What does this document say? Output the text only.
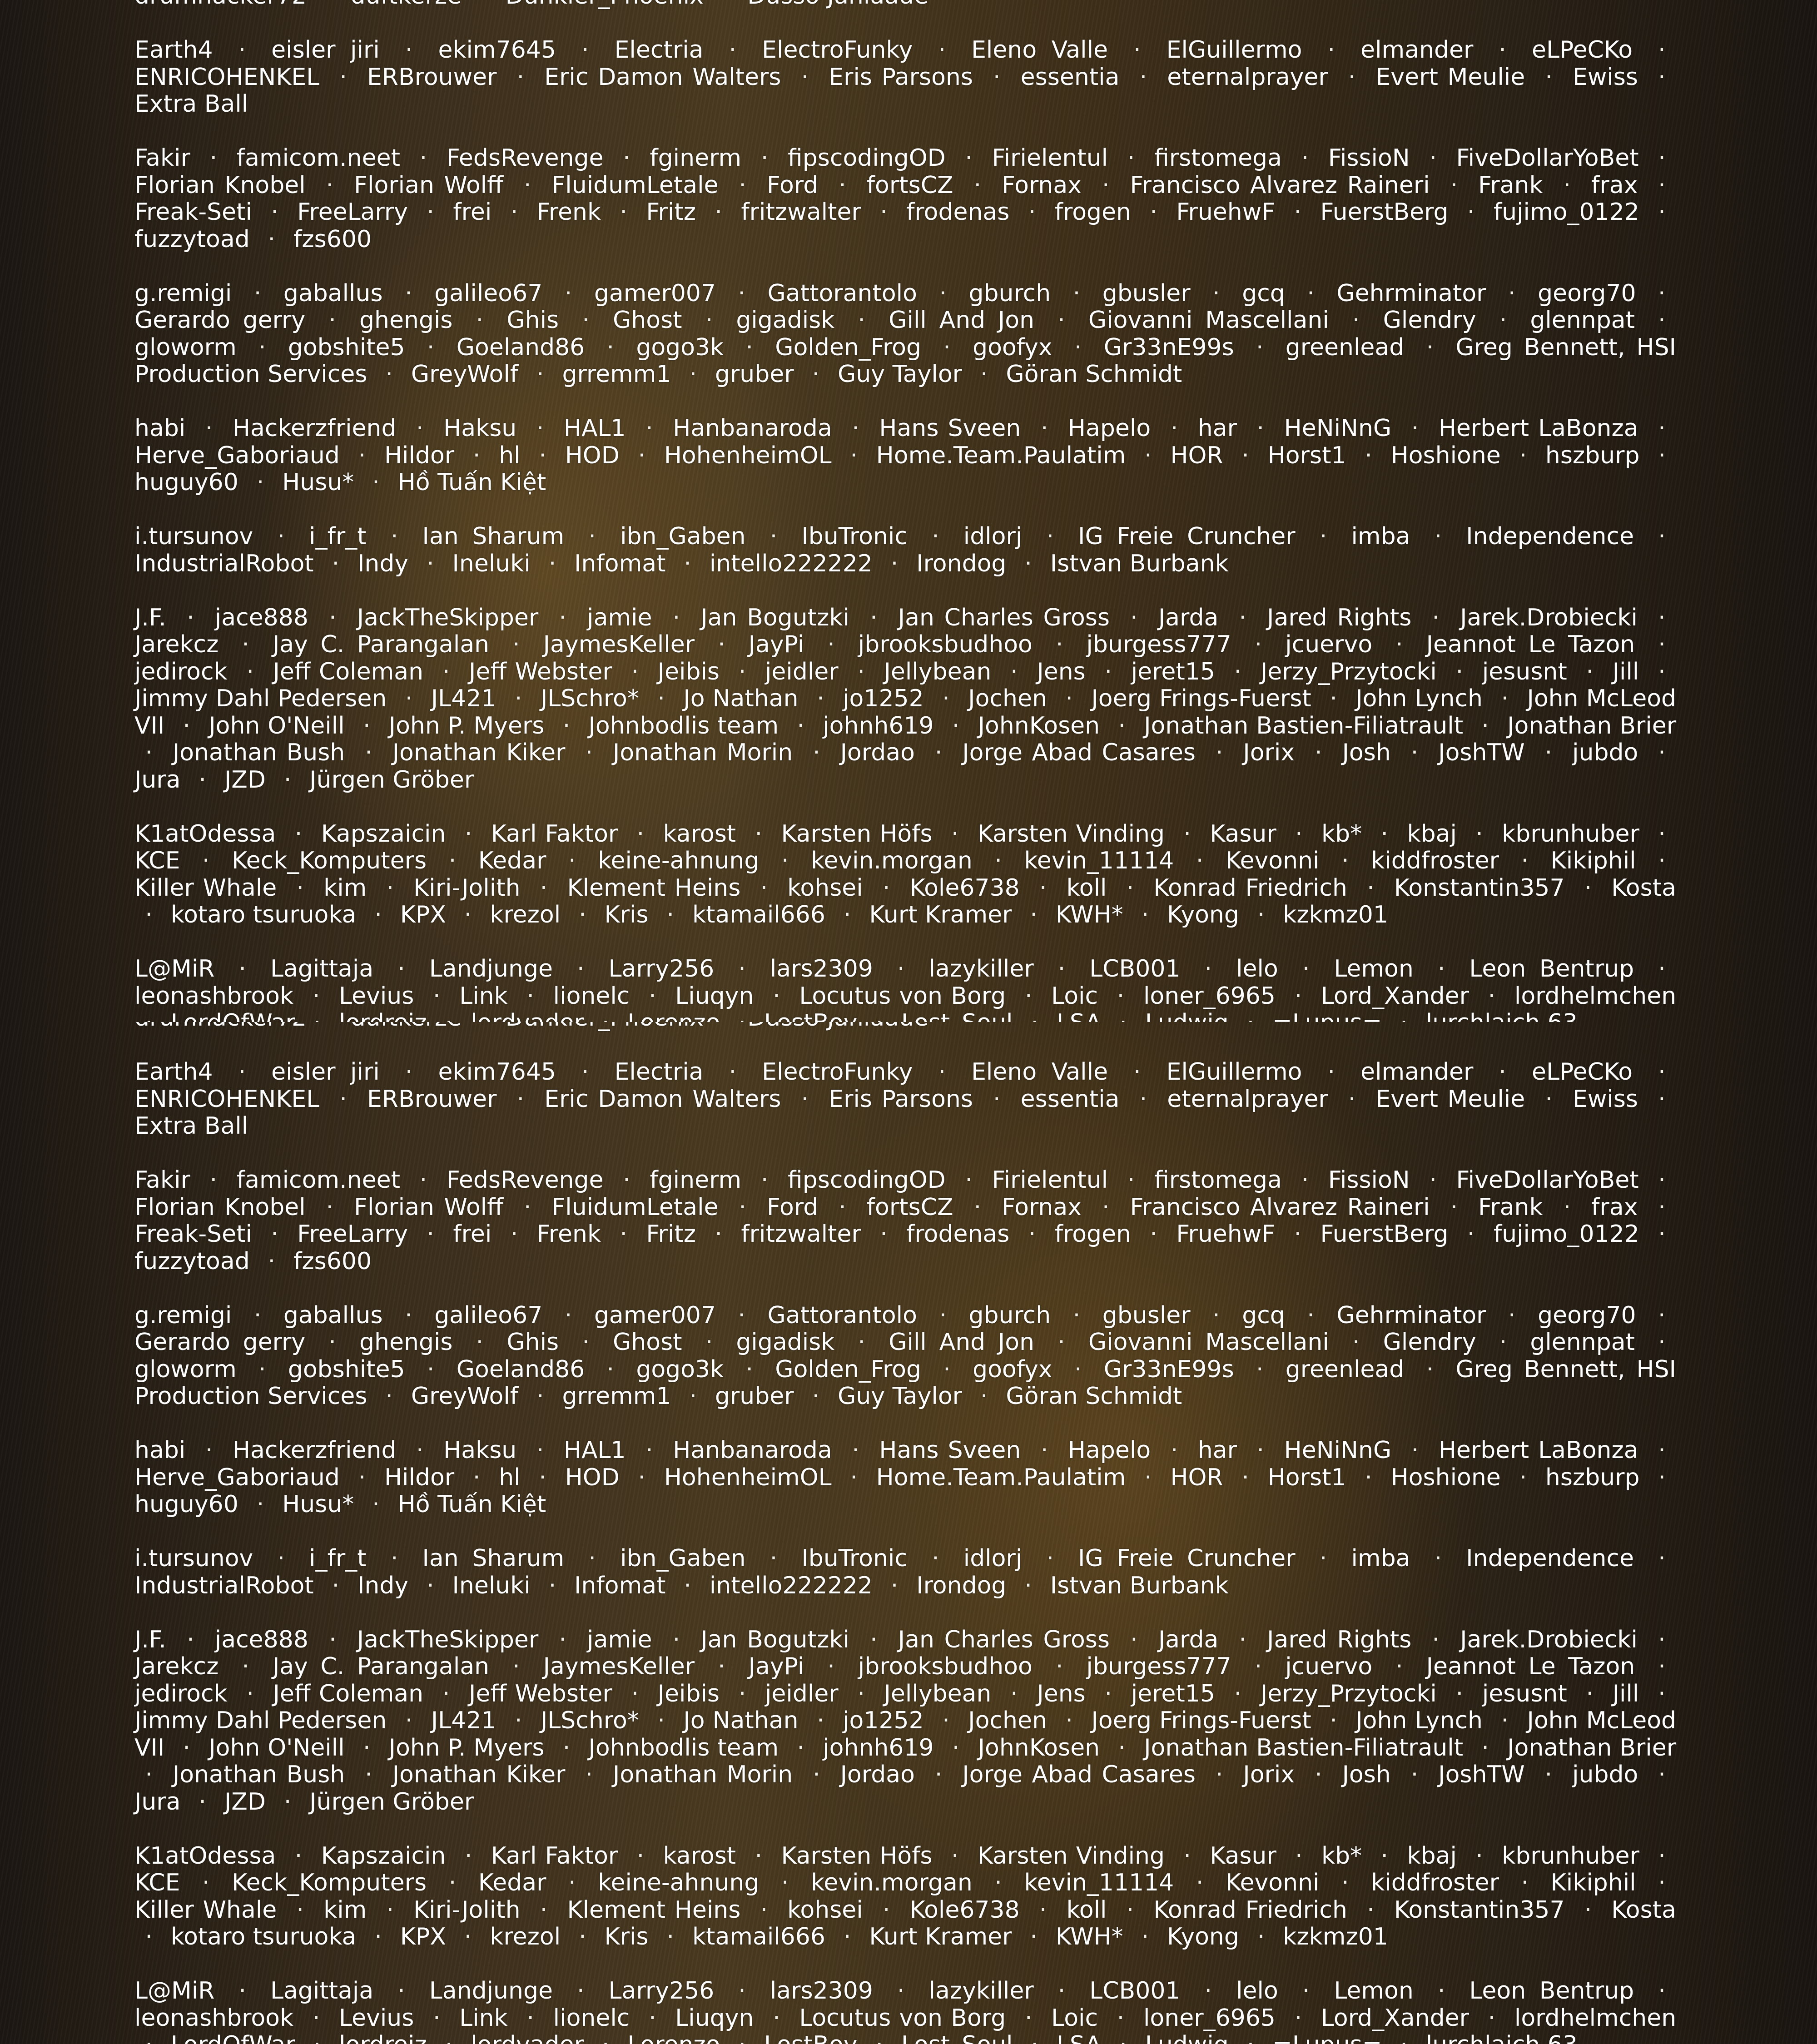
Earth4 · eisler jiri · ekim7645 · Electria · ElectroFunky · Eleno Valle · ElGuillermo · elmander · eLPeCKo · ENRICOHENKEL · ERBrouwer · Eric Damon Walters · Eris Parsons · essentia · eternalprayer · Evert Meulie · Ewiss · Extra Ball
Fakir · famicom.neet · FedsRevenge · fginerm · fipscodingOD · Firielentul · firstomega · FissioN · FiveDollarYoBet · Florian Knobel · Florian Wolff · FluidumLetale · Ford · fortsCZ · Fornax · Francisco Alvarez Raineri · Frank · frax · Freak-Seti · FreeLarry · frei · Frenk · Fritz · fritzwalter · frodenas · frogen · FruehwF · FuerstBerg · fujimo_0122 · fuzzytoad · fzs600
g.remigi · gaballus · galileo67 · gamer007 · Gattorantolo · gburch · gbusler · gcq · Gehrminator · georg70 · Gerardo gerry · ghengis · Ghis · Ghost · gigadisk · Gill And Jon · Giovanni Mascellani · Glendry · glennpat · gloworm · gobshite5 · Goeland86 · gogo3k · Golden_Frog · goofyx · Gr33nE99s · greenlead · Greg Bennett, HSI Production Services · GreyWolf · grremm1 · gruber · Guy Taylor · Göran Schmidt
habi · Hackerzfriend · Haksu · HAL1 · Hanbanaroda · Hans Sveen · Hapelo · har · HeNiNnG · Herbert LaBonza · Herve_Gaboriaud · Hildor · hl · HOD · HohenheimOL · Home.Team.Paulatim · HOR · Horst1 · Hoshione · hszburp · huguy60 · Husu* · Hồ Tuấn Kiệt
i.tursunov · i_fr_t · Ian Sharum · ibn_Gaben · IbuTronic · idlorj · IG Freie Cruncher · imba · Independence · IndustrialRobot · Indy · Ineluki · Infomat · intello222222 · Irondog · Istvan Burbank
J.F. · jace888 · JackTheSkipper · jamie · Jan Bogutzki · Jan Charles Gross · Jarda · Jared Rights · Jarek.Drobiecki · Jarekcz · Jay C. Parangalan · JaymesKeller · JayPi · jbrooksbudhoo · jburgess777 · jcuervo · Jeannot Le Tazon · jedirock · Jeff Coleman · Jeff Webster · Jeibis · jeidler · Jellybean · Jens · jeret15 · Jerzy_Przytocki · jesusnt · Jill · Jimmy Dahl Pedersen · JL421 · JLSchro* · Jo Nathan · jo1252 · Jochen · Joerg Frings-Fuerst · John Lynch · John McLeod VII · John O'Neill · John P. Myers · Johnbodlis team · johnh619 · JohnKosen · Jonathan Bastien-Filiatrault · Jonathan Brier · Jonathan Bush · Jonathan Kiker · Jonathan Morin · Jordao · Jorge Abad Casares · Jorix · Josh · JoshTW · jubdo · Jura · JZD · Jürgen Gröber
K1atOdessa · Kapszaicin · Karl Faktor · karost · Karsten Höfs · Karsten Vinding · Kasur · kb* · kbaj · kbrunhuber · KCE · Keck_Komputers · Kedar · keine-ahnung · kevin.morgan · kevin_11114 · Kevonni · kiddfroster · Kikiphil · Killer Whale · kim · Kiri-Jolith · Klement Heins · kohsei · Kole6738 · koll · Konrad Friedrich · Konstantin357 · Kosta · kotaro tsuruoka · KPX · krezol · Kris · ktamail666 · Kurt Kramer · KWH* · Kyong · kzkmz01
L@MiR · Lagittaja · Landjunge · Larry256 · lars2309 · lazykiller · LCB001 · lelo · Lemon · Leon Bentrup · leonashbrook · Levius · Link · lionelc · Liuqyn · Locutus von Borg · Loic · loner_6965 · Lord_Xander · lordhelmchen
Earth4 · eisler jiri · ekim7645 · Electria · ElectroFunky · Eleno Valle · ElGuillermo · elmander · eLPeCKo · ENRICOHENKEL · ERBrouwer · Eric Damon Walters · Eris Parsons · essentia · eternalprayer · Evert Meulie · Ewiss · Extra Ball
Fakir · famicom.neet · FedsRevenge · fginerm · fipscodingOD · Firielentul · firstomega · FissioN · FiveDollarYoBet · Florian Knobel · Florian Wolff · FluidumLetale · Ford · fortsCZ · Fornax · Francisco Alvarez Raineri · Frank · frax · Freak-Seti · FreeLarry · frei · Frenk · Fritz · fritzwalter · frodenas · frogen · FruehwF · FuerstBerg · fujimo_0122 · fuzzytoad · fzs600
g.remigi · gaballus · galileo67 · gamer007 · Gattorantolo · gburch · gbusler · gcq · Gehrminator · georg70 · Gerardo gerry · ghengis · Ghis · Ghost · gigadisk · Gill And Jon · Giovanni Mascellani · Glendry · glennpat · gloworm · gobshite5 · Goeland86 · gogo3k · Golden_Frog · goofyx · Gr33nE99s · greenlead · Greg Bennett, HSI Production Services · GreyWolf · grremm1 · gruber · Guy Taylor · Göran Schmidt
habi · Hackerzfriend · Haksu · HAL1 · Hanbanaroda · Hans Sveen · Hapelo · har · HeNiNnG · Herbert LaBonza · Herve_Gaboriaud · Hildor · hl · HOD · HohenheimOL · Home.Team.Paulatim · HOR · Horst1 · Hoshione · hszburp · huguy60 · Husu* · Hồ Tuấn Kiệt
i.tursunov · i_fr_t · Ian Sharum · ibn_Gaben · IbuTronic · idlorj · IG Freie Cruncher · imba · Independence · IndustrialRobot · Indy · Ineluki · Infomat · intello222222 · Irondog · Istvan Burbank
J.F. · jace888 · JackTheSkipper · jamie · Jan Bogutzki · Jan Charles Gross · Jarda · Jared Rights · Jarek.Drobiecki · Jarekcz · Jay C. Parangalan · JaymesKeller · JayPi · jbrooksbudhoo · jburgess777 · jcuervo · Jeannot Le Tazon · jedirock · Jeff Coleman · Jeff Webster · Jeibis · jeidler · Jellybean · Jens · jeret15 · Jerzy_Przytocki · jesusnt · Jill · Jimmy Dahl Pedersen · JL421 · JLSchro* · Jo Nathan · jo1252 · Jochen · Joerg Frings-Fuerst · John Lynch · John McLeod VII · John O'Neill · John P. Myers · Johnbodlis team · johnh619 · JohnKosen · Jonathan Bastien-Filiatrault · Jonathan Brier · Jonathan Bush · Jonathan Kiker · Jonathan Morin · Jordao · Jorge Abad Casares · Jorix · Josh · JoshTW · jubdo · Jura · JZD · Jürgen Gröber
K1atOdessa · Kapszaicin · Karl Faktor · karost · Karsten Höfs · Karsten Vinding · Kasur · kb* · kbaj · kbrunhuber · KCE · Keck_Komputers · Kedar · keine-ahnung · kevin.morgan · kevin_11114 · Kevonni · kiddfroster · Kikiphil · Killer Whale · kim · Kiri-Jolith · Klement Heins · kohsei · Kole6738 · koll · Konrad Friedrich · Konstantin357 · Kosta · kotaro tsuruoka · KPX · krezol · Kris · ktamail666 · Kurt Kramer · KWH* · Kyong · kzkmz01
L@MiR · Lagittaja · Landjunge · Larry256 · lars2309 · lazykiller · LCB001 · lelo · Lemon · Leon Bentrup · leonashbrook · Levius · Link · lionelc · Liuqyn · Locutus von Borg · Loic · loner_6965 · Lord_Xander · lordhelmchen
